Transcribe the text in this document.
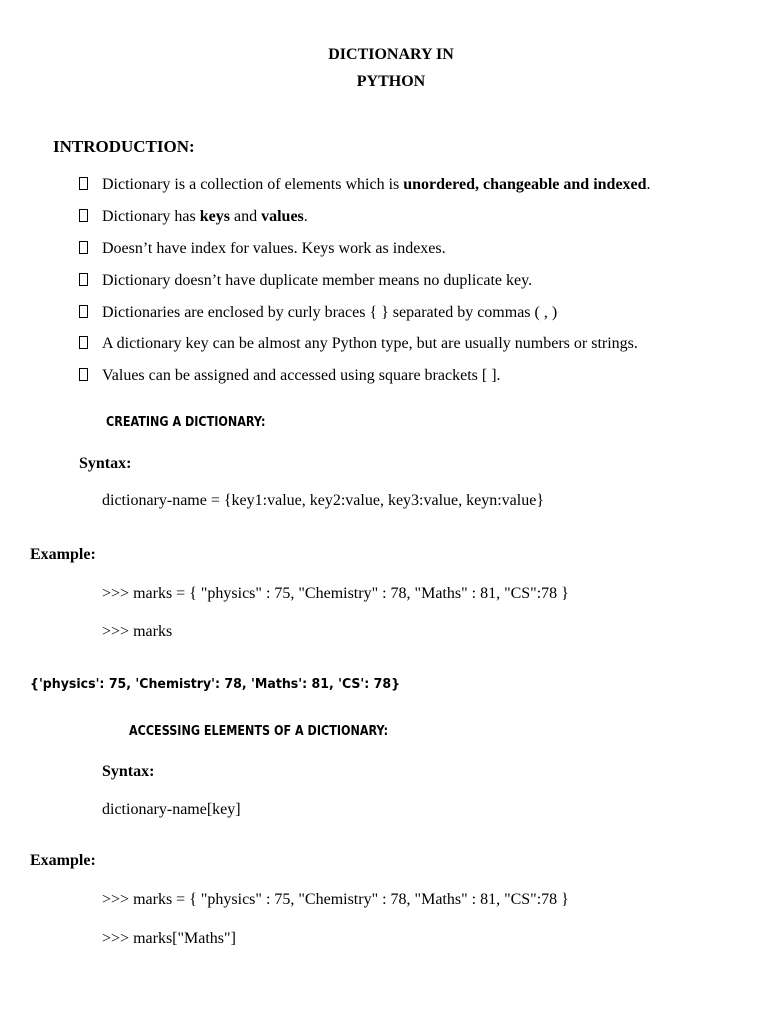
DICTIONARY IN
PYTHON
INTRODUCTION:
Dictionary is a collection of elements which is unordered, changeable and indexed.
Dictionary has keys and values.
Doesn’t have index for values. Keys work as indexes.
Dictionary doesn’t have duplicate member means no duplicate key.
Dictionaries are enclosed by curly braces { } separated by commas ( , )
A dictionary key can be almost any Python type, but are usually numbers or strings.
Values can be assigned and accessed using square brackets [ ].
CREATING A DICTIONARY:
Syntax:
dictionary-name = {key1:value, key2:value, key3:value, keyn:value}
Example:
>>> marks = { "physics" : 75, "Chemistry" : 78, "Maths" : 81, "CS":78 }
>>> marks
{'physics': 75, 'Chemistry': 78, 'Maths': 81, 'CS': 78}
ACCESSING ELEMENTS OF A DICTIONARY:
Syntax:
dictionary-name[key]
Example:
>>> marks = { "physics" : 75, "Chemistry" : 78, "Maths" : 81, "CS":78 }
>>> marks["Maths"]
